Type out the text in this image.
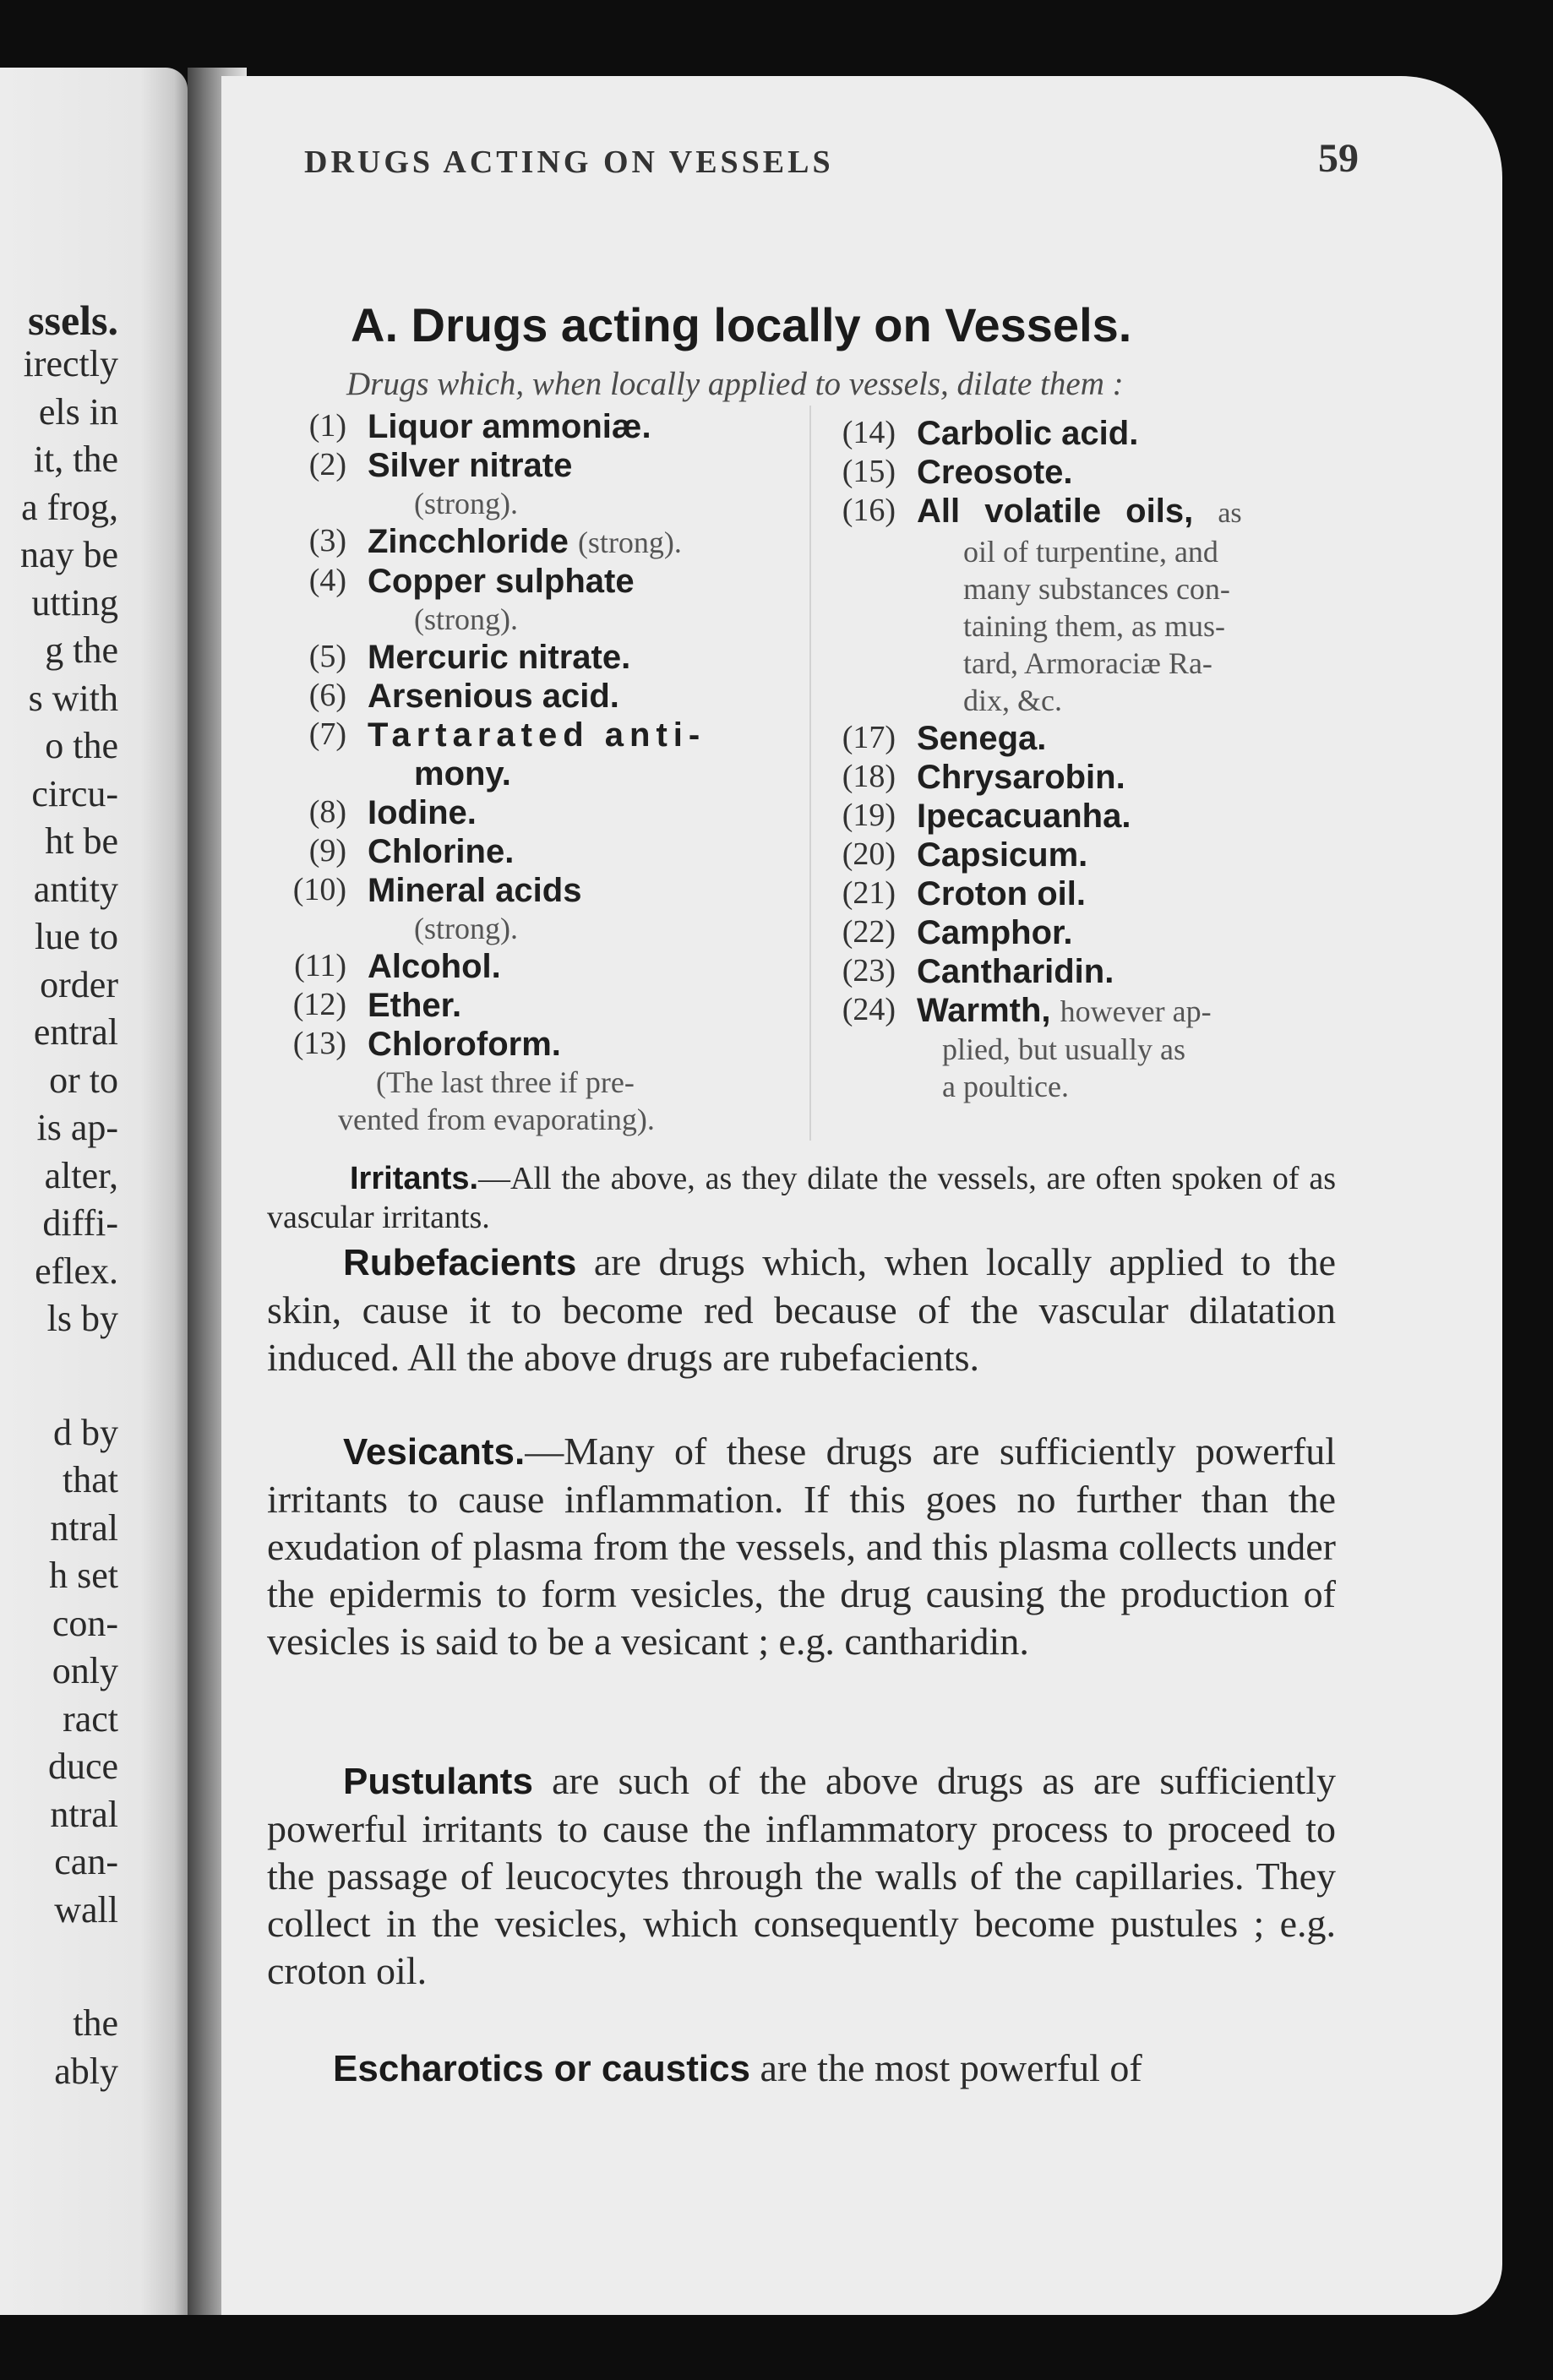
ssels.
irectly
els in
it, the
a frog,
nay be
utting
g the
s with
o the
circu-
ht be
antity
lue to
order
entral
or to
is ap-
alter,
diffi-
eflex.
ls by
d by
that
ntral
h set
con-
only
ract
duce
ntral
can-
wall
the
ably
DRUGS ACTING ON VESSELS	59
A. Drugs acting locally on Vessels.
Drugs which, when locally applied to vessels, dilate them :
(1) Liquor ammoniæ.
(2) Silver nitrate
(strong).
(3) Zincchloride (strong).
(4) Copper sulphate
(strong).
(5) Mercuric nitrate.
(6) Arsenious acid.
(7) Tartarated anti-
mony.
(8) Iodine.
(9) Chlorine.
(10) Mineral acids
(strong).
(11) Alcohol.
(12) Ether.
(13) Chloroform.
(The last three if pre-
vented from evaporating).
(14) Carbolic acid.
(15) Creosote.
(16) All volatile oils, as
oil of turpentine, and
many substances con-
taining them, as mus-
tard, Armoraciæ Ra-
dix, &c.
(17) Senega.
(18) Chrysarobin.
(19) Ipecacuanha.
(20) Capsicum.
(21) Croton oil.
(22) Camphor.
(23) Cantharidin.
(24) Warmth, however ap-
plied, but usually as
a poultice.

Irritants.—All the above, as they dilate the vessels, are often spoken of as vascular irritants.

Rubefacients are drugs which, when locally applied to the skin, cause it to become red because of the vascular dilatation induced. All the above drugs are rubefacients.

Vesicants.—Many of these drugs are sufficiently powerful irritants to cause inflammation. If this goes no further than the exudation of plasma from the vessels, and this plasma collects under the epidermis to form vesicles, the drug causing the production of vesicles is said to be a vesicant ; e.g. cantharidin.

Pustulants are such of the above drugs as are sufficiently powerful irritants to cause the inflammatory process to proceed to the passage of leucocytes through the walls of the capillaries. They collect in the vesicles, which consequently become pustules ; e.g. croton oil.

Escharotics or caustics are the most powerful of
